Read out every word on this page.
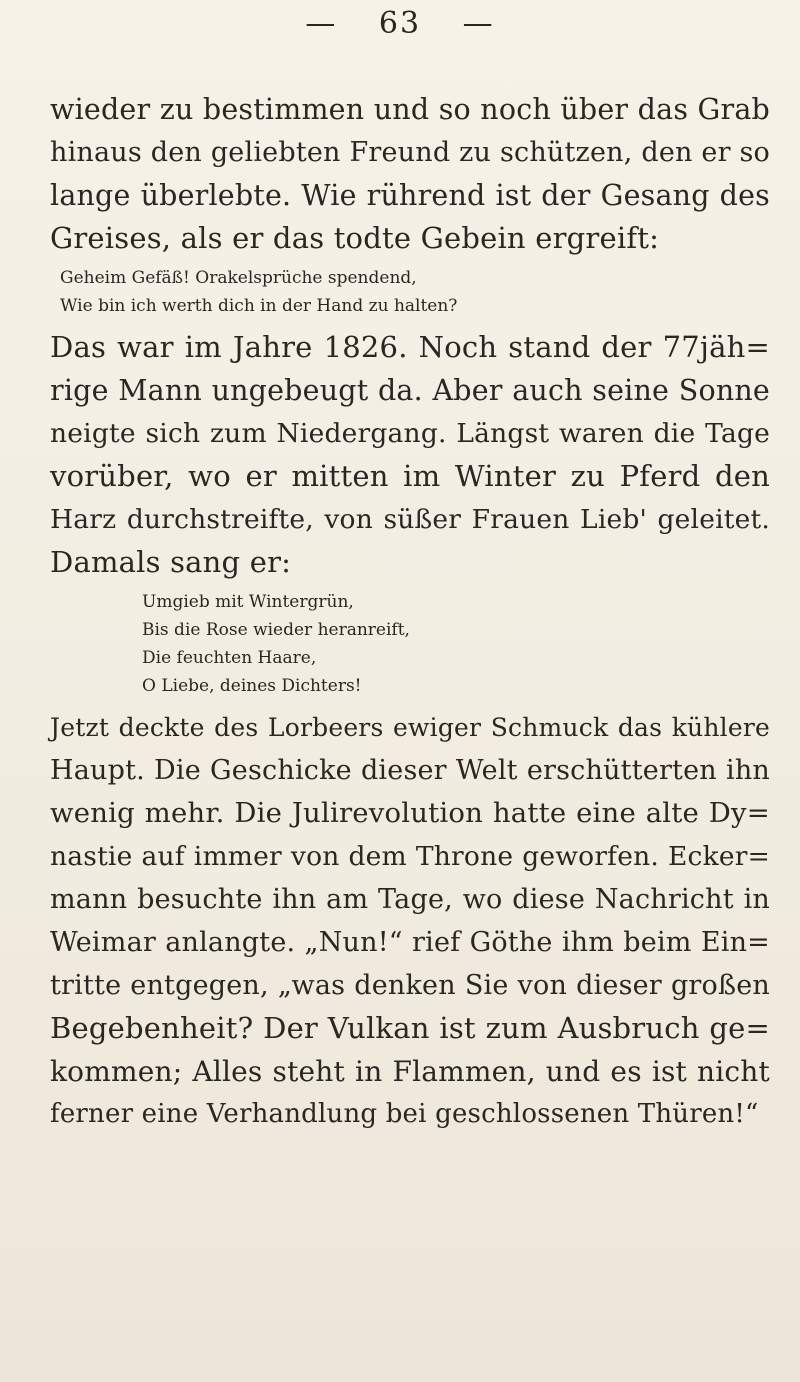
— 63 —
wieder zu bestimmen und so noch über das Grab
hinaus den geliebten Freund zu schützen, den er so
lange überlebte. Wie rührend ist der Gesang des
Greises, als er das todte Gebein ergreift:
Geheim Gefäß! Orakelsprüche spendend,
Wie bin ich werth dich in der Hand zu halten?
Das war im Jahre 1826. Noch stand der 77jäh=
rige Mann ungebeugt da. Aber auch seine Sonne
neigte sich zum Niedergang. Längst waren die Tage
vorüber, wo er mitten im Winter zu Pferd den
Harz durchstreifte, von süßer Frauen Lieb' geleitet.
Damals sang er:
Umgieb mit Wintergrün,
Bis die Rose wieder heranreift,
Die feuchten Haare,
O Liebe, deines Dichters!
Jetzt deckte des Lorbeers ewiger Schmuck das kühlere
Haupt. Die Geschicke dieser Welt erschütterten ihn
wenig mehr. Die Julirevolution hatte eine alte Dy=
nastie auf immer von dem Throne geworfen. Ecker=
mann besuchte ihn am Tage, wo diese Nachricht in
Weimar anlangte. „Nun!“ rief Göthe ihm beim Ein=
tritte entgegen, „was denken Sie von dieser großen
Begebenheit? Der Vulkan ist zum Ausbruch ge=
kommen; Alles steht in Flammen, und es ist nicht
ferner eine Verhandlung bei geschlossenen Thüren!“
